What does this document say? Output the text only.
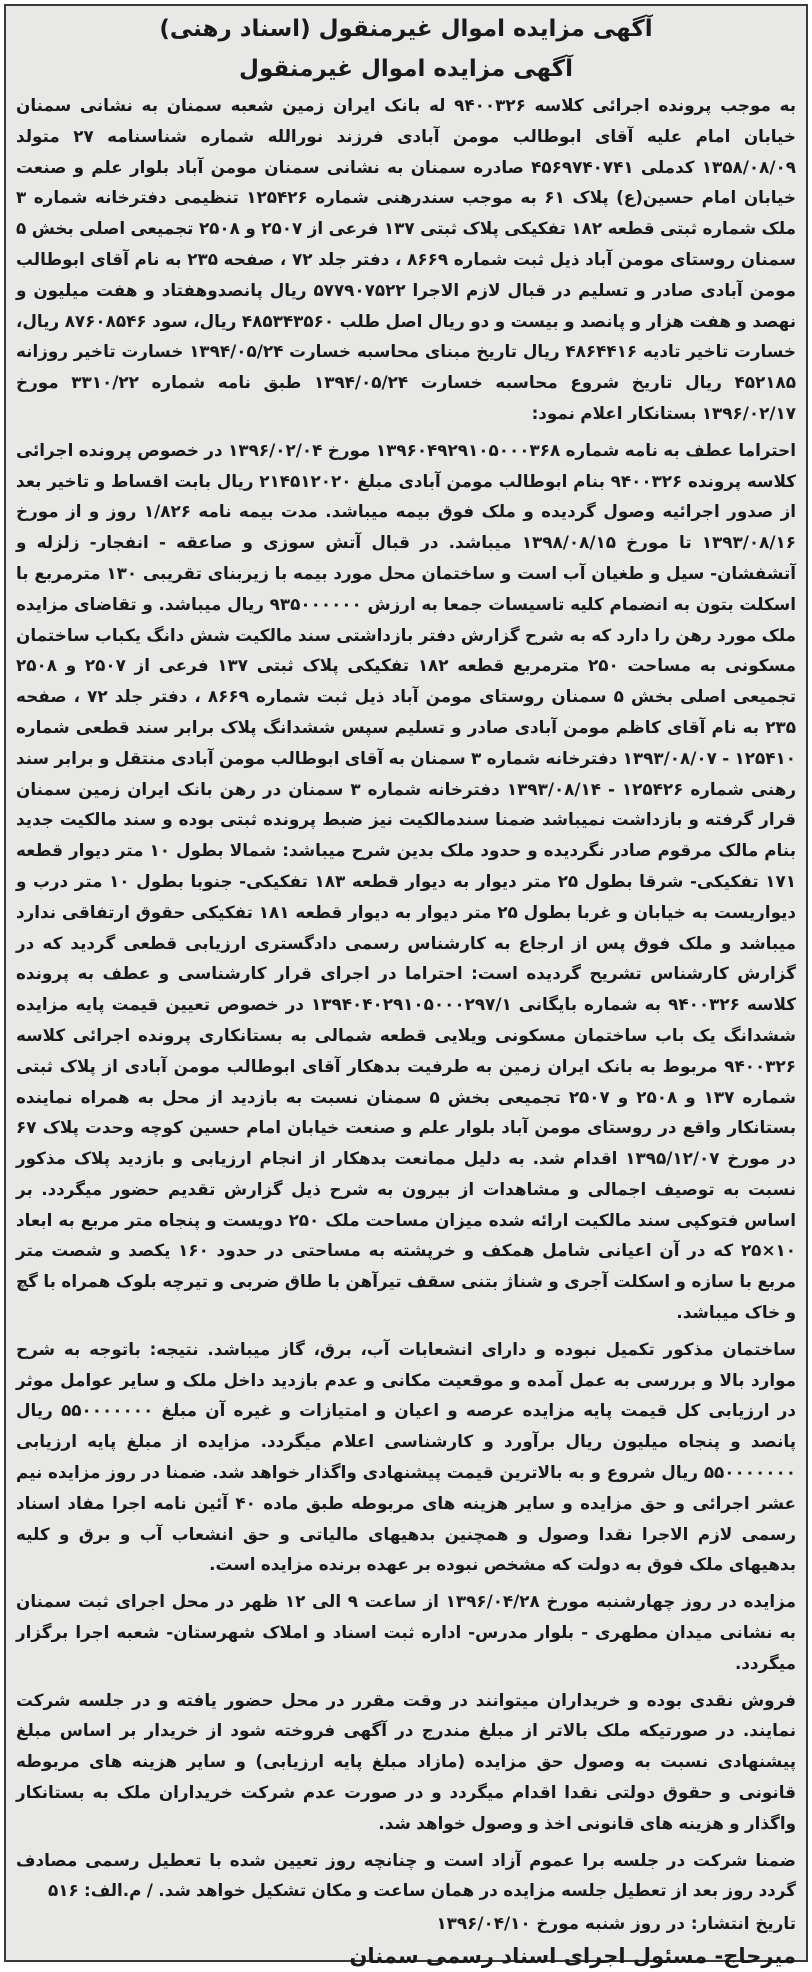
آگهی مزایده اموال غیرمنقول (اسناد رهنی)
آگهی مزایده اموال غیرمنقول

به موجب پرونده اجرائی کلاسه ۹۴۰۰۳۲۶ له بانک ایران زمین شعبه سمنان به نشانی سمنان خیابان امام علیه آقای ابوطالب مومن آبادی فرزند نورالله شماره شناسنامه ۲۷ متولد ۱۳۵۸/۰۸/۰۹ کدملی ۴۵۶۹۷۴۰۷۴۱ صادره سمنان به نشانی سمنان مومن آباد بلوار علم و صنعت خیابان امام حسین(ع) پلاک ۶۱ به موجب سندرهنی شماره ۱۲۵۴۲۶ تنظیمی دفترخانه شماره ۳ ملک شماره ثبتی قطعه ۱۸۲ تفکیکی پلاک ثبتی ۱۳۷ فرعی از ۲۵۰۷ و ۲۵۰۸ تجمیعی اصلی بخش ۵ سمنان روستای مومن آباد ذیل ثبت شماره ۸۶۶۹ ، دفتر جلد ۷۲ ، صفحه ۲۳۵ به نام آقای ابوطالب مومن آبادی صادر و تسلیم در قبال لازم الاجرا ۵۷۷۹۰۷۵۲۲ ریال پانصدوهفتاد و هفت میلیون و نهصد و هفت هزار و پانصد و بیست و دو ریال اصل طلب ۴۸۵۳۴۳۵۶۰ ریال، سود ۸۷۶۰۸۵۴۶ ریال، خسارت تاخیر تادیه ۴۸۶۴۴۱۶ ریال تاریخ مبنای محاسبه خسارت ۱۳۹۴/۰۵/۲۴ خسارت تاخیر روزانه ۴۵۲۱۸۵ ریال تاریخ شروع محاسبه خسارت ۱۳۹۴/۰۵/۲۴ طبق نامه شماره ۳۳۱۰/۲۲ مورخ ۱۳۹۶/۰۲/۱۷ بستانکار اعلام نمود:

احتراما عطف به نامه شماره ۱۳۹۶۰۴۹۲۹۱۰۵۰۰۰۳۶۸ مورخ ۱۳۹۶/۰۲/۰۴ در خصوص پرونده اجرائی کلاسه پرونده ۹۴۰۰۳۲۶ بنام ابوطالب مومن آبادی مبلغ ۲۱۴۵۱۲۰۲۰ ریال بابت اقساط و تاخیر بعد از صدور اجرائیه وصول گردیده و ملک فوق بیمه میباشد. مدت بیمه نامه ۱/۸۲۶ روز و از مورخ ۱۳۹۳/۰۸/۱۶ تا مورخ ۱۳۹۸/۰۸/۱۵ میباشد. در قبال آتش سوزی و صاعقه - انفجار- زلزله و آتشفشان- سیل و طغیان آب است و ساختمان محل مورد بیمه با زیربنای تقریبی ۱۳۰ مترمربع با اسکلت بتون به انضمام کلیه تاسیسات جمعا به ارزش ۹۳۵۰۰۰۰۰۰ ریال میباشد. و تقاضای مزایده ملک مورد رهن را دارد که به شرح گزارش دفتر بازداشتی سند مالکیت شش دانگ یکباب ساختمان مسکونی به مساحت ۲۵۰ مترمربع قطعه ۱۸۲ تفکیکی پلاک ثبتی ۱۳۷ فرعی از ۲۵۰۷ و ۲۵۰۸ تجمیعی اصلی بخش ۵ سمنان روستای مومن آباد ذیل ثبت شماره ۸۶۶۹ ، دفتر جلد ۷۲ ، صفحه ۲۳۵ به نام آقای کاظم مومن آبادی صادر و تسلیم سپس ششدانگ پلاک برابر سند قطعی شماره ۱۲۵۴۱۰ - ۱۳۹۳/۰۸/۰۷ دفترخانه شماره ۳ سمنان به آقای ابوطالب مومن آبادی منتقل و برابر سند رهنی شماره ۱۲۵۴۲۶ - ۱۳۹۳/۰۸/۱۴ دفترخانه شماره ۳ سمنان در رهن بانک ایران زمین سمنان قرار گرفته و بازداشت نمیباشد ضمنا سندمالکیت نیز ضبط پرونده ثبتی بوده و سند مالکیت جدید بنام مالک مرقوم صادر نگردیده و حدود ملک بدین شرح میباشد: شمالا بطول ۱۰ متر دیوار قطعه ۱۷۱ تفکیکی- شرقا بطول ۲۵ متر دیوار به دیوار قطعه ۱۸۳ تفکیکی- جنوبا بطول ۱۰ متر درب و دیواریست به خیابان و غربا بطول ۲۵ متر دیوار به دیوار قطعه ۱۸۱ تفکیکی حقوق ارتفاقی ندارد میباشد و ملک فوق پس از ارجاع به کارشناس رسمی دادگستری ارزیابی قطعی گردید که در گزارش کارشناس تشریح گردیده است: احتراما در اجرای قرار کارشناسی و عطف به پرونده کلاسه ۹۴۰۰۳۲۶ به شماره بایگانی ۱۳۹۴۰۴۰۲۹۱۰۵۰۰۰۲۹۷/۱ در خصوص تعیین قیمت پایه مزایده ششدانگ یک باب ساختمان مسکونی ویلایی قطعه شمالی به بستانکاری پرونده اجرائی کلاسه ۹۴۰۰۳۲۶ مربوط به بانک ایران زمین به طرفیت بدهکار آقای ابوطالب مومن آبادی از پلاک ثبتی شماره ۱۳۷ و ۲۵۰۸ و ۲۵۰۷ تجمیعی بخش ۵ سمنان نسبت به بازدید از محل به همراه نماینده بستانکار واقع در روستای مومن آباد بلوار علم و صنعت خیابان امام حسین کوچه وحدت پلاک ۶۷ در مورخ ۱۳۹۵/۱۲/۰۷ اقدام شد. به دلیل ممانعت بدهکار از انجام ارزیابی و بازدید پلاک مذکور نسبت به توصیف اجمالی و مشاهدات از بیرون به شرح ذیل گزارش تقدیم حضور میگردد. بر اساس فتوکپی سند مالکیت ارائه شده میزان مساحت ملک ۲۵۰ دویست و پنجاه متر مربع به ابعاد ۱۰×۲۵ که در آن اعیانی شامل همکف و خرپشته به مساحتی در حدود ۱۶۰ یکصد و شصت متر مربع با سازه و اسکلت آجری و شناژ بتنی سقف تیرآهن با طاق ضربی و تیرچه بلوک همراه با گچ و خاک میباشد.

ساختمان مذکور تکمیل نبوده و دارای انشعابات آب، برق، گاز میباشد. نتیجه: باتوجه به شرح موارد بالا و بررسی به عمل آمده و موقعیت مکانی و عدم بازدید داخل ملک و سایر عوامل موثر در ارزیابی کل قیمت پایه مزایده عرصه و اعیان و امتیازات و غیره آن مبلغ ۵۵۰۰۰۰۰۰۰ ریال پانصد و پنجاه میلیون ریال برآورد و کارشناسی اعلام میگردد. مزایده از مبلغ پایه ارزیابی ۵۵۰۰۰۰۰۰۰ ریال شروع و به بالاترین قیمت پیشنهادی واگذار خواهد شد. ضمنا در روز مزایده نیم عشر اجرائی و حق مزایده و سایر هزینه های مربوطه طبق ماده ۴۰ آئین نامه اجرا مفاد اسناد رسمی لازم الاجرا نقدا وصول و همچنین بدهیهای مالیاتی و حق انشعاب آب و برق و کلیه بدهیهای ملک فوق به دولت که مشخص نبوده بر عهده برنده مزایده است.

مزایده در روز چهارشنبه مورخ ۱۳۹۶/۰۴/۲۸ از ساعت ۹ الی ۱۲ ظهر در محل اجرای ثبت سمنان به نشانی میدان مطهری - بلوار مدرس- اداره ثبت اسناد و املاک شهرستان- شعبه اجرا برگزار میگردد.

فروش نقدی بوده و خریداران میتوانند در وقت مقرر در محل حضور یافته و در جلسه شرکت نمایند. در صورتیکه ملک بالاتر از مبلغ مندرج در آگهی فروخته شود از خریدار بر اساس مبلغ پیشنهادی نسبت به وصول حق مزایده (مازاد مبلغ پایه ارزیابی) و سایر هزینه های مربوطه قانونی و حقوق دولتی نقدا اقدام میگردد و در صورت عدم شرکت خریداران ملک به بستانکار واگذار و هزینه های قانونی اخذ و وصول خواهد شد.

ضمنا شرکت در جلسه برا عموم آزاد است و چنانچه روز تعیین شده با تعطیل رسمی مصادف گردد روز بعد از تعطیل جلسه مزایده در همان ساعت و مکان تشکیل خواهد شد. / م.الف: ۵۱۶

تاریخ انتشار: در روز شنبه مورخ ۱۳۹۶/۰۴/۱۰
میرحاج- مسئول اجرای اسناد رسمی سمنان
